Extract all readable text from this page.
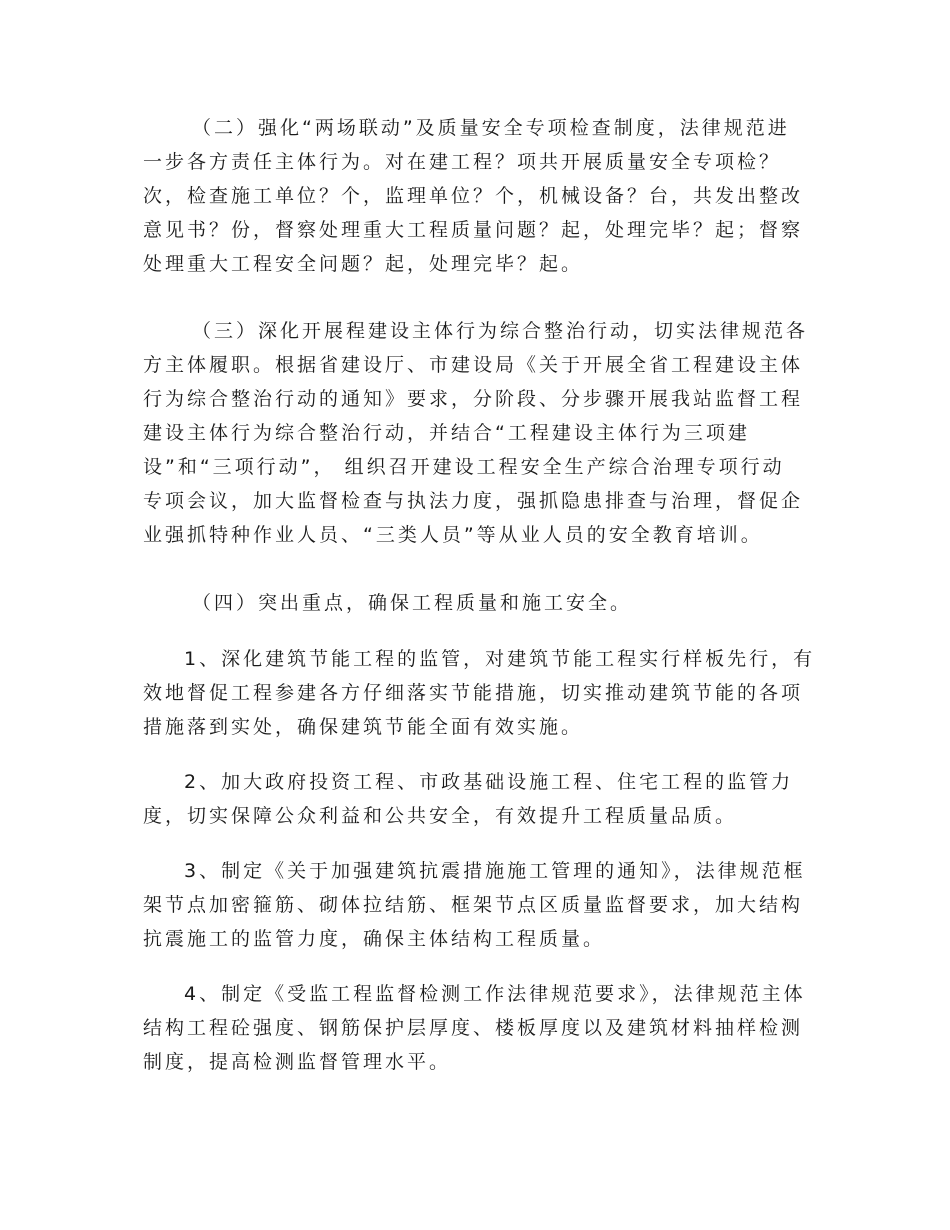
（二）强化“两场联动”及质量安全专项检查制度，法律规范进
一步各方责任主体行为。对在建工程？项共开展质量安全专项检？
次，检查施工单位？个，监理单位？个，机械设备？台，共发出整改
意见书？份，督察处理重大工程质量问题？起，处理完毕？起；督察
处理重大工程安全问题？起，处理完毕？起。
（三）深化开展程建设主体行为综合整治行动，切实法律规范各
方主体履职。根据省建设厅、市建设局《关于开展全省工程建设主体
行为综合整治行动的通知》要求，分阶段、分步骤开展我站监督工程
建设主体行为综合整治行动，并结合“工程建设主体行为三项建
设”和“三项行动”， 组织召开建设工程安全生产综合治理专项行动
专项会议，加大监督检查与执法力度，强抓隐患排查与治理，督促企
业强抓特种作业人员、“三类人员”等从业人员的安全教育培训。
（四）突出重点，确保工程质量和施工安全。
1、深化建筑节能工程的监管，对建筑节能工程实行样板先行，有
效地督促工程参建各方仔细落实节能措施，切实推动建筑节能的各项
措施落到实处，确保建筑节能全面有效实施。
2、加大政府投资工程、市政基础设施工程、住宅工程的监管力
度，切实保障公众利益和公共安全，有效提升工程质量品质。
3、制定《关于加强建筑抗震措施施工管理的通知》，法律规范框
架节点加密箍筋、砌体拉结筋、框架节点区质量监督要求，加大结构
抗震施工的监管力度，确保主体结构工程质量。
4、制定《受监工程监督检测工作法律规范要求》，法律规范主体
结构工程砼强度、钢筋保护层厚度、楼板厚度以及建筑材料抽样检测
制度，提高检测监督管理水平。
